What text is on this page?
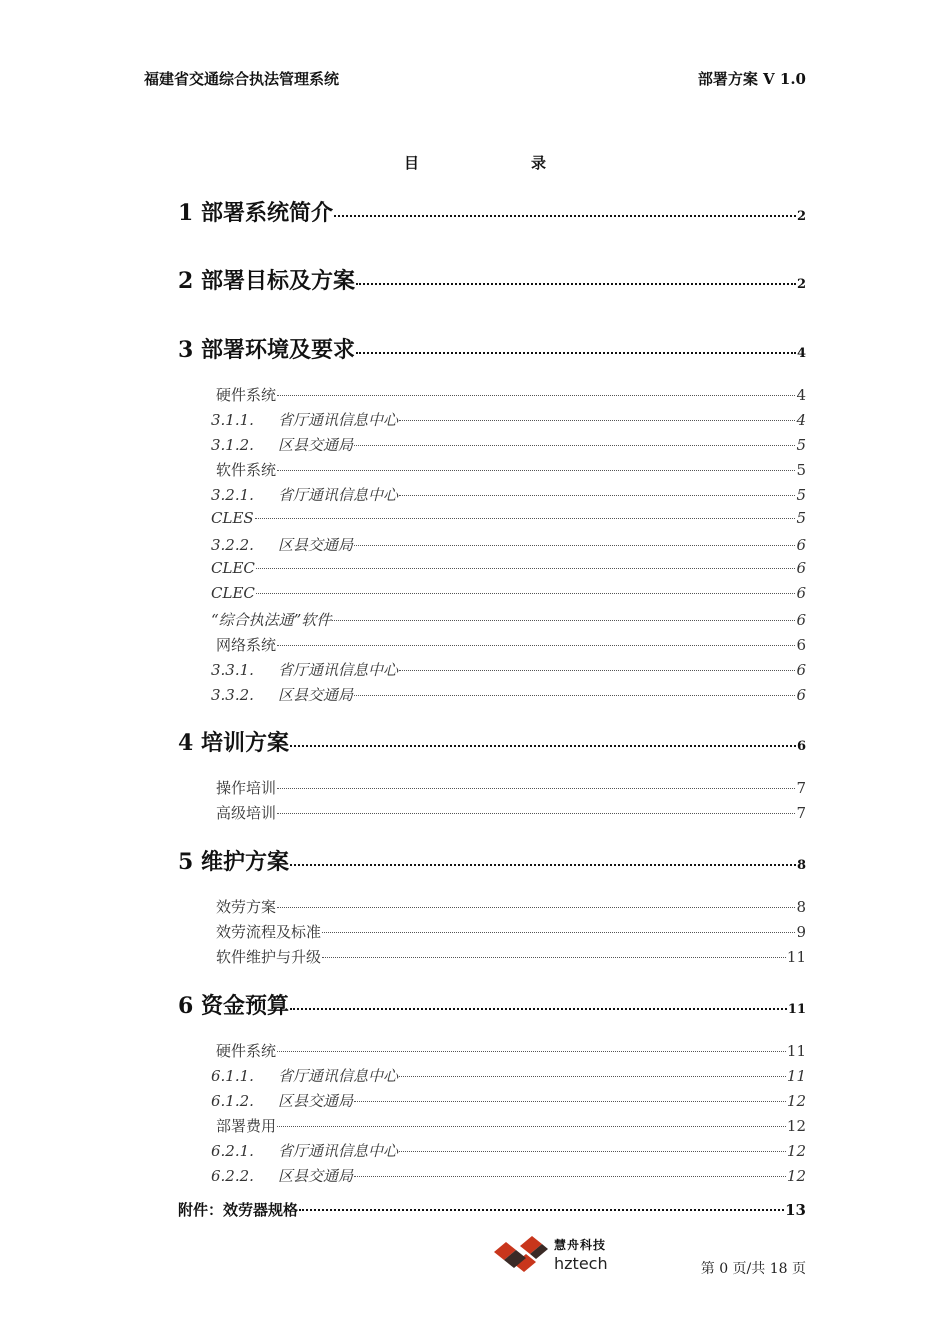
福建省交通综合执法管理系统	部署方案 V 1.0
目	录
1 部署系统简介	2
2 部署目标及方案	2
3 部署环境及要求	4
硬件系统	4
3.1.1. 省厅通讯信息中心	4
3.1.2. 区县交通局	5
软件系统	5
3.2.1. 省厅通讯信息中心	5
CLES	5
3.2.2. 区县交通局	6
CLEC	6
CLEC	6
“综合执法通”软件	6
网络系统	6
3.3.1. 省厅通讯信息中心	6
3.3.2. 区县交通局	6
4 培训方案	6
操作培训	7
高级培训	7
5 维护方案	8
效劳方案	8
效劳流程及标准	9
软件维护与升级	11
6 资金预算	11
硬件系统	11
6.1.1. 省厅通讯信息中心	11
6.1.2. 区县交通局	12
部署费用	12
6.2.1. 省厅通讯信息中心	12
6.2.2. 区县交通局	12
附件：效劳器规格	13
慧舟科技
hztech	第 0 页/共 18 页
